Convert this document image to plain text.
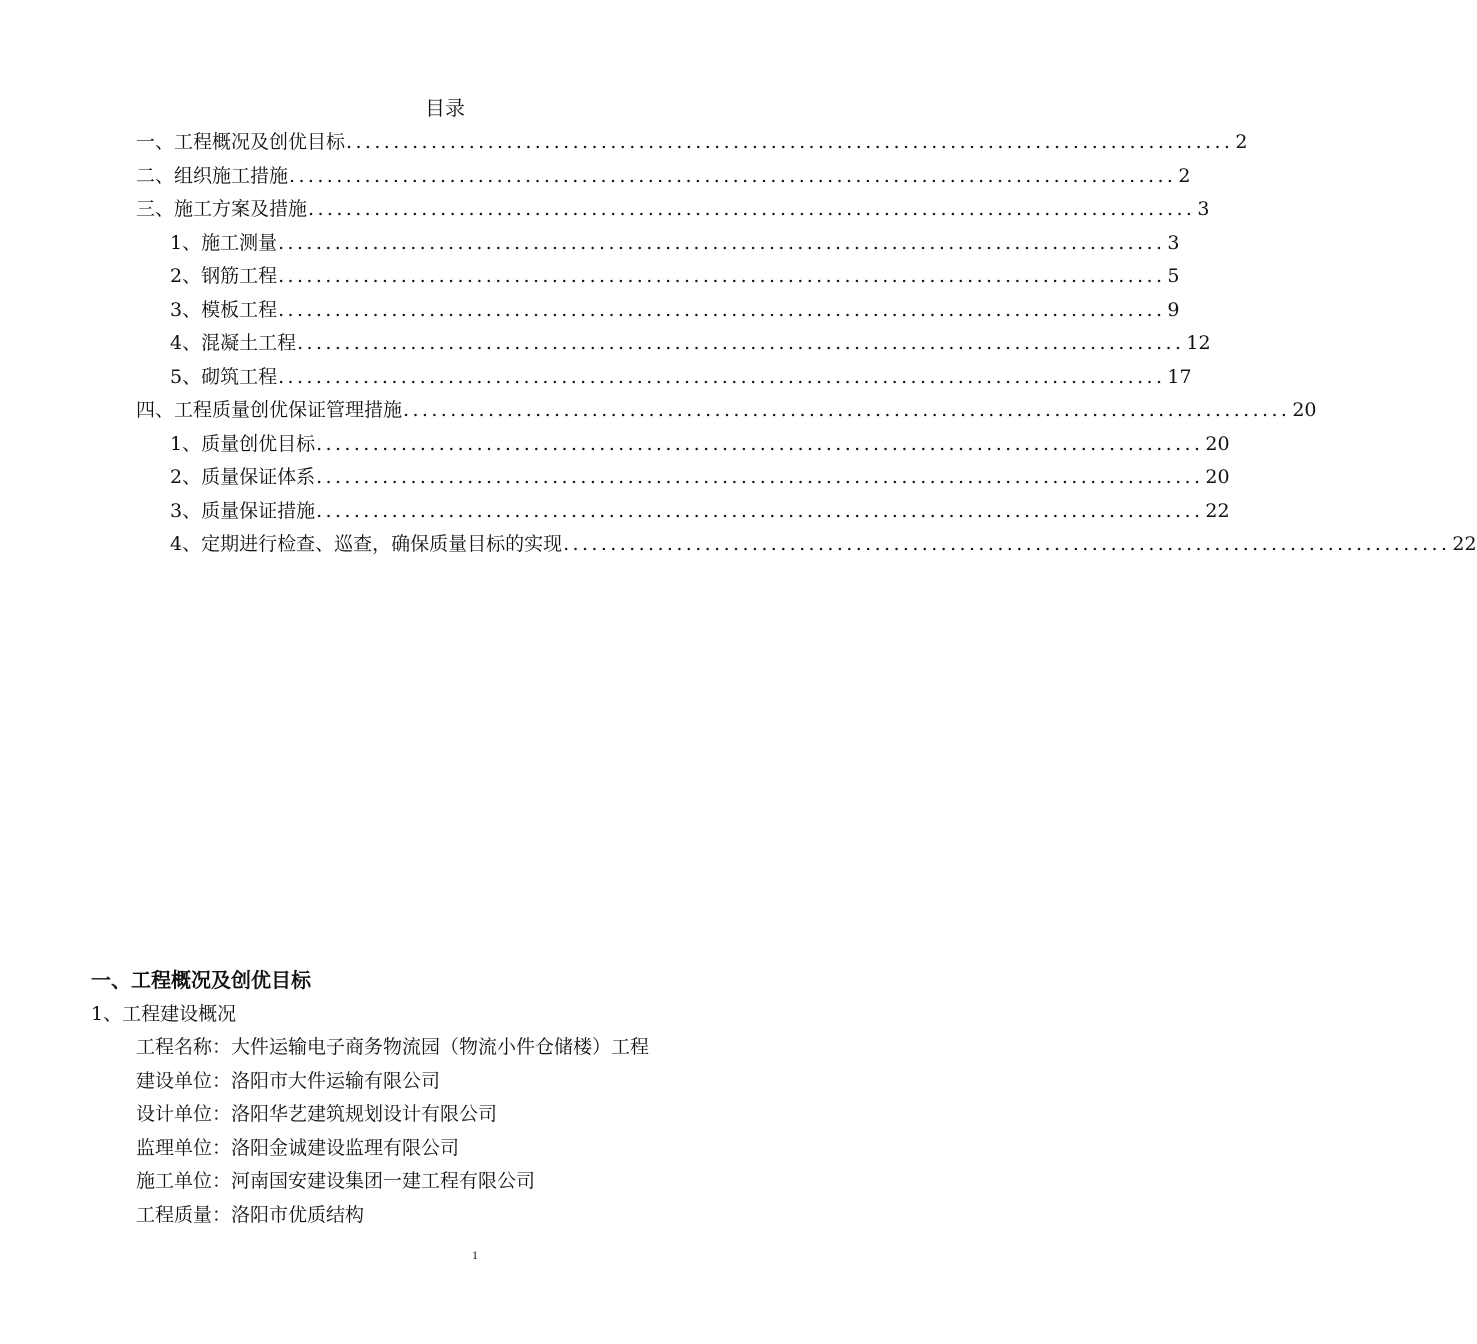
目录
一、工程概况及创优目标 .............................................................................................. 2
二、组织施工措施 .............................................................................................. 2
三、施工方案及措施 .............................................................................................. 3
1、施工测量 .............................................................................................. 3
2、钢筋工程 .............................................................................................. 5
3、模板工程 .............................................................................................. 9
4、混凝土工程 .............................................................................................. 12
5、砌筑工程 .............................................................................................. 17
四、工程质量创优保证管理措施 .............................................................................................. 20
1、质量创优目标 .............................................................................................. 20
2、质量保证体系 .............................................................................................. 20
3、质量保证措施 .............................................................................................. 22
4、定期进行检查、巡查，确保质量目标的实现 .............................................................................................. 22
一、工程概况及创优目标
1、工程建设概况
工程名称：大件运输电子商务物流园（物流小件仓储楼）工程
建设单位：洛阳市大件运输有限公司
设计单位：洛阳华艺建筑规划设计有限公司
监理单位：洛阳金诚建设监理有限公司
施工单位：河南国安建设集团一建工程有限公司
工程质量：洛阳市优质结构
1
